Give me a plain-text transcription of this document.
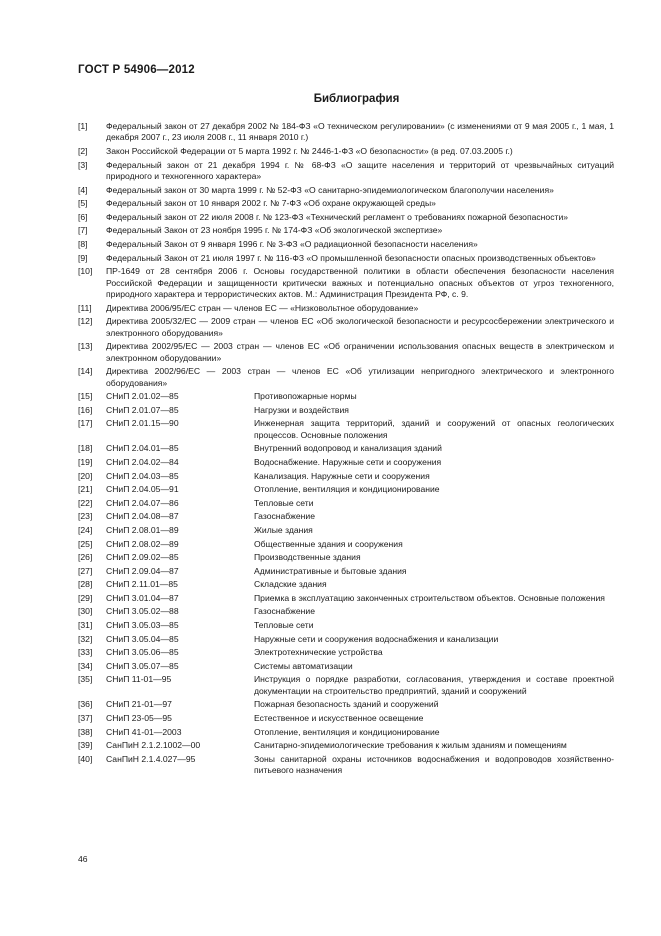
ГОСТ Р 54906—2012
Библиография
[1] Федеральный закон от 27 декабря 2002 № 184-ФЗ «О техническом регулировании» (с изменениями от 9 мая 2005 г., 1 мая, 1 декабря 2007 г., 23 июля 2008 г., 11 января 2010 г.)
[2] Закон Российской Федерации от 5 марта 1992 г. № 2446-1-ФЗ «О безопасности» (в ред. 07.03.2005 г.)
[3] Федеральный закон от 21 декабря 1994 г. № 68-ФЗ «О защите населения и территорий от чрезвычайных ситуаций природного и техногенного характера»
[4] Федеральный закон от 30 марта 1999 г. № 52-ФЗ «О санитарно-эпидемиологическом благополучии населения»
[5] Федеральный закон от 10 января 2002 г. № 7-ФЗ «Об охране окружающей среды»
[6] Федеральный закон от 22 июля 2008 г. № 123-ФЗ «Технический регламент о требованиях пожарной безопасности»
[7] Федеральный Закон от 23 ноября 1995 г. № 174-ФЗ «Об экологической экспертизе»
[8] Федеральный Закон от 9 января 1996 г. № 3-ФЗ «О радиационной безопасности населения»
[9] Федеральный Закон от 21 июля 1997 г. № 116-ФЗ «О промышленной безопасности опасных производственных объектов»
[10] ПР-1649 от 28 сентября 2006 г. Основы государственной политики в области обеспечения безопасности населения Российской Федерации и защищенности критически важных и потенциально опасных объектов от угроз техногенного, природного характера и террористических актов. М.: Администрация Президента РФ, с. 9.
[11] Директива 2006/95/ЕС стран — членов ЕС — «Низковольтное оборудование»
[12] Директива 2005/32/ЕС — 2009 стран — членов ЕС «Об экологической безопасности и ресурсосбережении электрического и электронного оборудования»
[13] Директива 2002/95/ЕС — 2003 стран — членов ЕС «Об ограничении использования опасных веществ в электрическом и электронном оборудовании»
[14] Директива 2002/96/ЕС — 2003 стран — членов ЕС «Об утилизации непригодного электрического и электронного оборудования»
[15] СНиП 2.01.02—85	Противопожарные нормы
[16] СНиП 2.01.07—85	Нагрузки и воздействия
[17] СНиП 2.01.15—90	Инженерная защита территорий, зданий и сооружений от опасных геологических процессов. Основные положения
[18] СНиП 2.04.01—85	Внутренний водопровод и канализация зданий
[19] СНиП 2.04.02—84	Водоснабжение. Наружные сети и сооружения
[20] СНиП 2.04.03—85	Канализация. Наружные сети и сооружения
[21] СНиП 2.04.05—91	Отопление, вентиляция и кондиционирование
[22] СНиП 2.04.07—86	Тепловые сети
[23] СНиП 2.04.08—87	Газоснабжение
[24] СНиП 2.08.01—89	Жилые здания
[25] СНиП 2.08.02—89	Общественные здания и сооружения
[26] СНиП 2.09.02—85	Производственные здания
[27] СНиП 2.09.04—87	Административные и бытовые здания
[28] СНиП 2.11.01—85	Складские здания
[29] СНиП 3.01.04—87	Приемка в эксплуатацию законченных строительством объектов. Основные положения
[30] СНиП 3.05.02—88	Газоснабжение
[31] СНиП 3.05.03—85	Тепловые сети
[32] СНиП 3.05.04—85	Наружные сети и сооружения водоснабжения и канализации
[33] СНиП 3.05.06—85	Электротехнические устройства
[34] СНиП 3.05.07—85	Системы автоматизации
[35] СНиП 11-01—95	Инструкция о порядке разработки, согласования, утверждения и составе проектной документации на строительство предприятий, зданий и сооружений
[36] СНиП 21-01—97	Пожарная безопасность зданий и сооружений
[37] СНиП 23-05—95	Естественное и искусственное освещение
[38] СНиП 41-01—2003	Отопление, вентиляция и кондиционирование
[39] СанПиН 2.1.2.1002—00	Санитарно-эпидемиологические требования к жилым зданиям и помещениям
[40] СанПиН 2.1.4.027—95	Зоны санитарной охраны источников водоснабжения и водопроводов хозяйственно-питьевого назначения
46
